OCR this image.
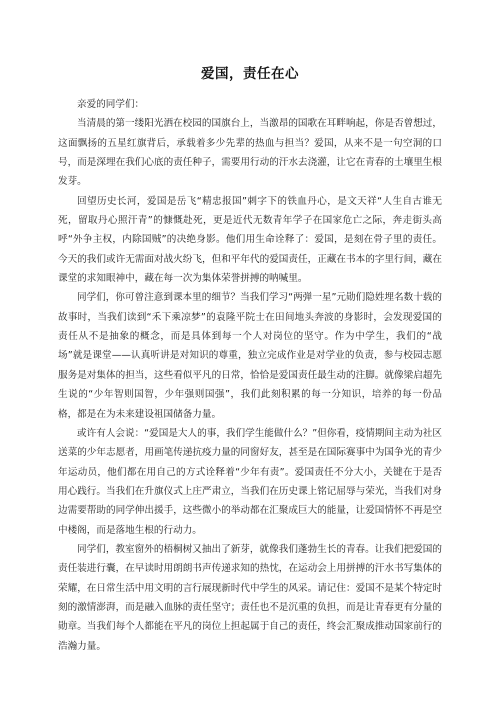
爱国，责任在心

亲爱的同学们：

当清晨的第一缕阳光洒在校园的国旗台上，当激昂的国歌在耳畔响起，你是否曾想过，这面飘扬的五星红旗背后，承载着多少先辈的热血与担当？爱国，从来不是一句空洞的口号，而是深埋在我们心底的责任种子，需要用行动的汗水去浇灌，让它在青春的土壤里生根发芽。

回望历史长河，爱国是岳飞“精忠报国”刺字下的铁血丹心，是文天祥“人生自古谁无死，留取丹心照汗青”的慷慨赴死，更是近代无数青年学子在国家危亡之际，奔走街头高呼“外争主权，内除国贼”的决绝身影。他们用生命诠释了：爱国，是刻在骨子里的责任。今天的我们或许无需面对战火纷飞，但和平年代的爱国责任，正藏在书本的字里行间，藏在课堂的求知眼神中，藏在每一次为集体荣誉拼搏的呐喊里。

同学们，你可曾注意到课本里的细节？当我们学习“两弹一星”元勋们隐姓埋名数十载的故事时，当我们读到“禾下乘凉梦”的袁隆平院士在田间地头奔波的身影时，会发现爱国的责任从不是抽象的概念，而是具体到每一个人对岗位的坚守。作为中学生，我们的“战场”就是课堂——认真听讲是对知识的尊重，独立完成作业是对学业的负责，参与校园志愿服务是对集体的担当，这些看似平凡的日常，恰恰是爱国责任最生动的注脚。就像梁启超先生说的“少年智则国智，少年强则国强”，我们此刻积累的每一分知识，培养的每一份品格，都是在为未来建设祖国储备力量。

或许有人会说：“爱国是大人的事，我们学生能做什么？”但你看，疫情期间主动为社区送菜的少年志愿者，用画笔传递抗疫力量的同窗好友，甚至是在国际赛事中为国争光的青少年运动员，他们都在用自己的方式诠释着“少年有责”。爱国责任不分大小，关键在于是否用心践行。当我们在升旗仪式上庄严肃立，当我们在历史课上铭记屈辱与荣光，当我们对身边需要帮助的同学伸出援手，这些微小的举动都在汇聚成巨大的能量，让爱国情怀不再是空中楼阁，而是落地生根的行动力。

同学们，教室窗外的梧桐树又抽出了新芽，就像我们蓬勃生长的青春。让我们把爱国的责任装进行囊，在早读时用朗朗书声传递求知的热忱，在运动会上用拼搏的汗水书写集体的荣耀，在日常生活中用文明的言行展现新时代中学生的风采。请记住：爱国不是某个特定时刻的激情澎湃，而是融入血脉的责任坚守；责任也不是沉重的负担，而是让青春更有分量的勋章。当我们每个人都能在平凡的岗位上担起属于自己的责任，终会汇聚成推动国家前行的浩瀚力量。
